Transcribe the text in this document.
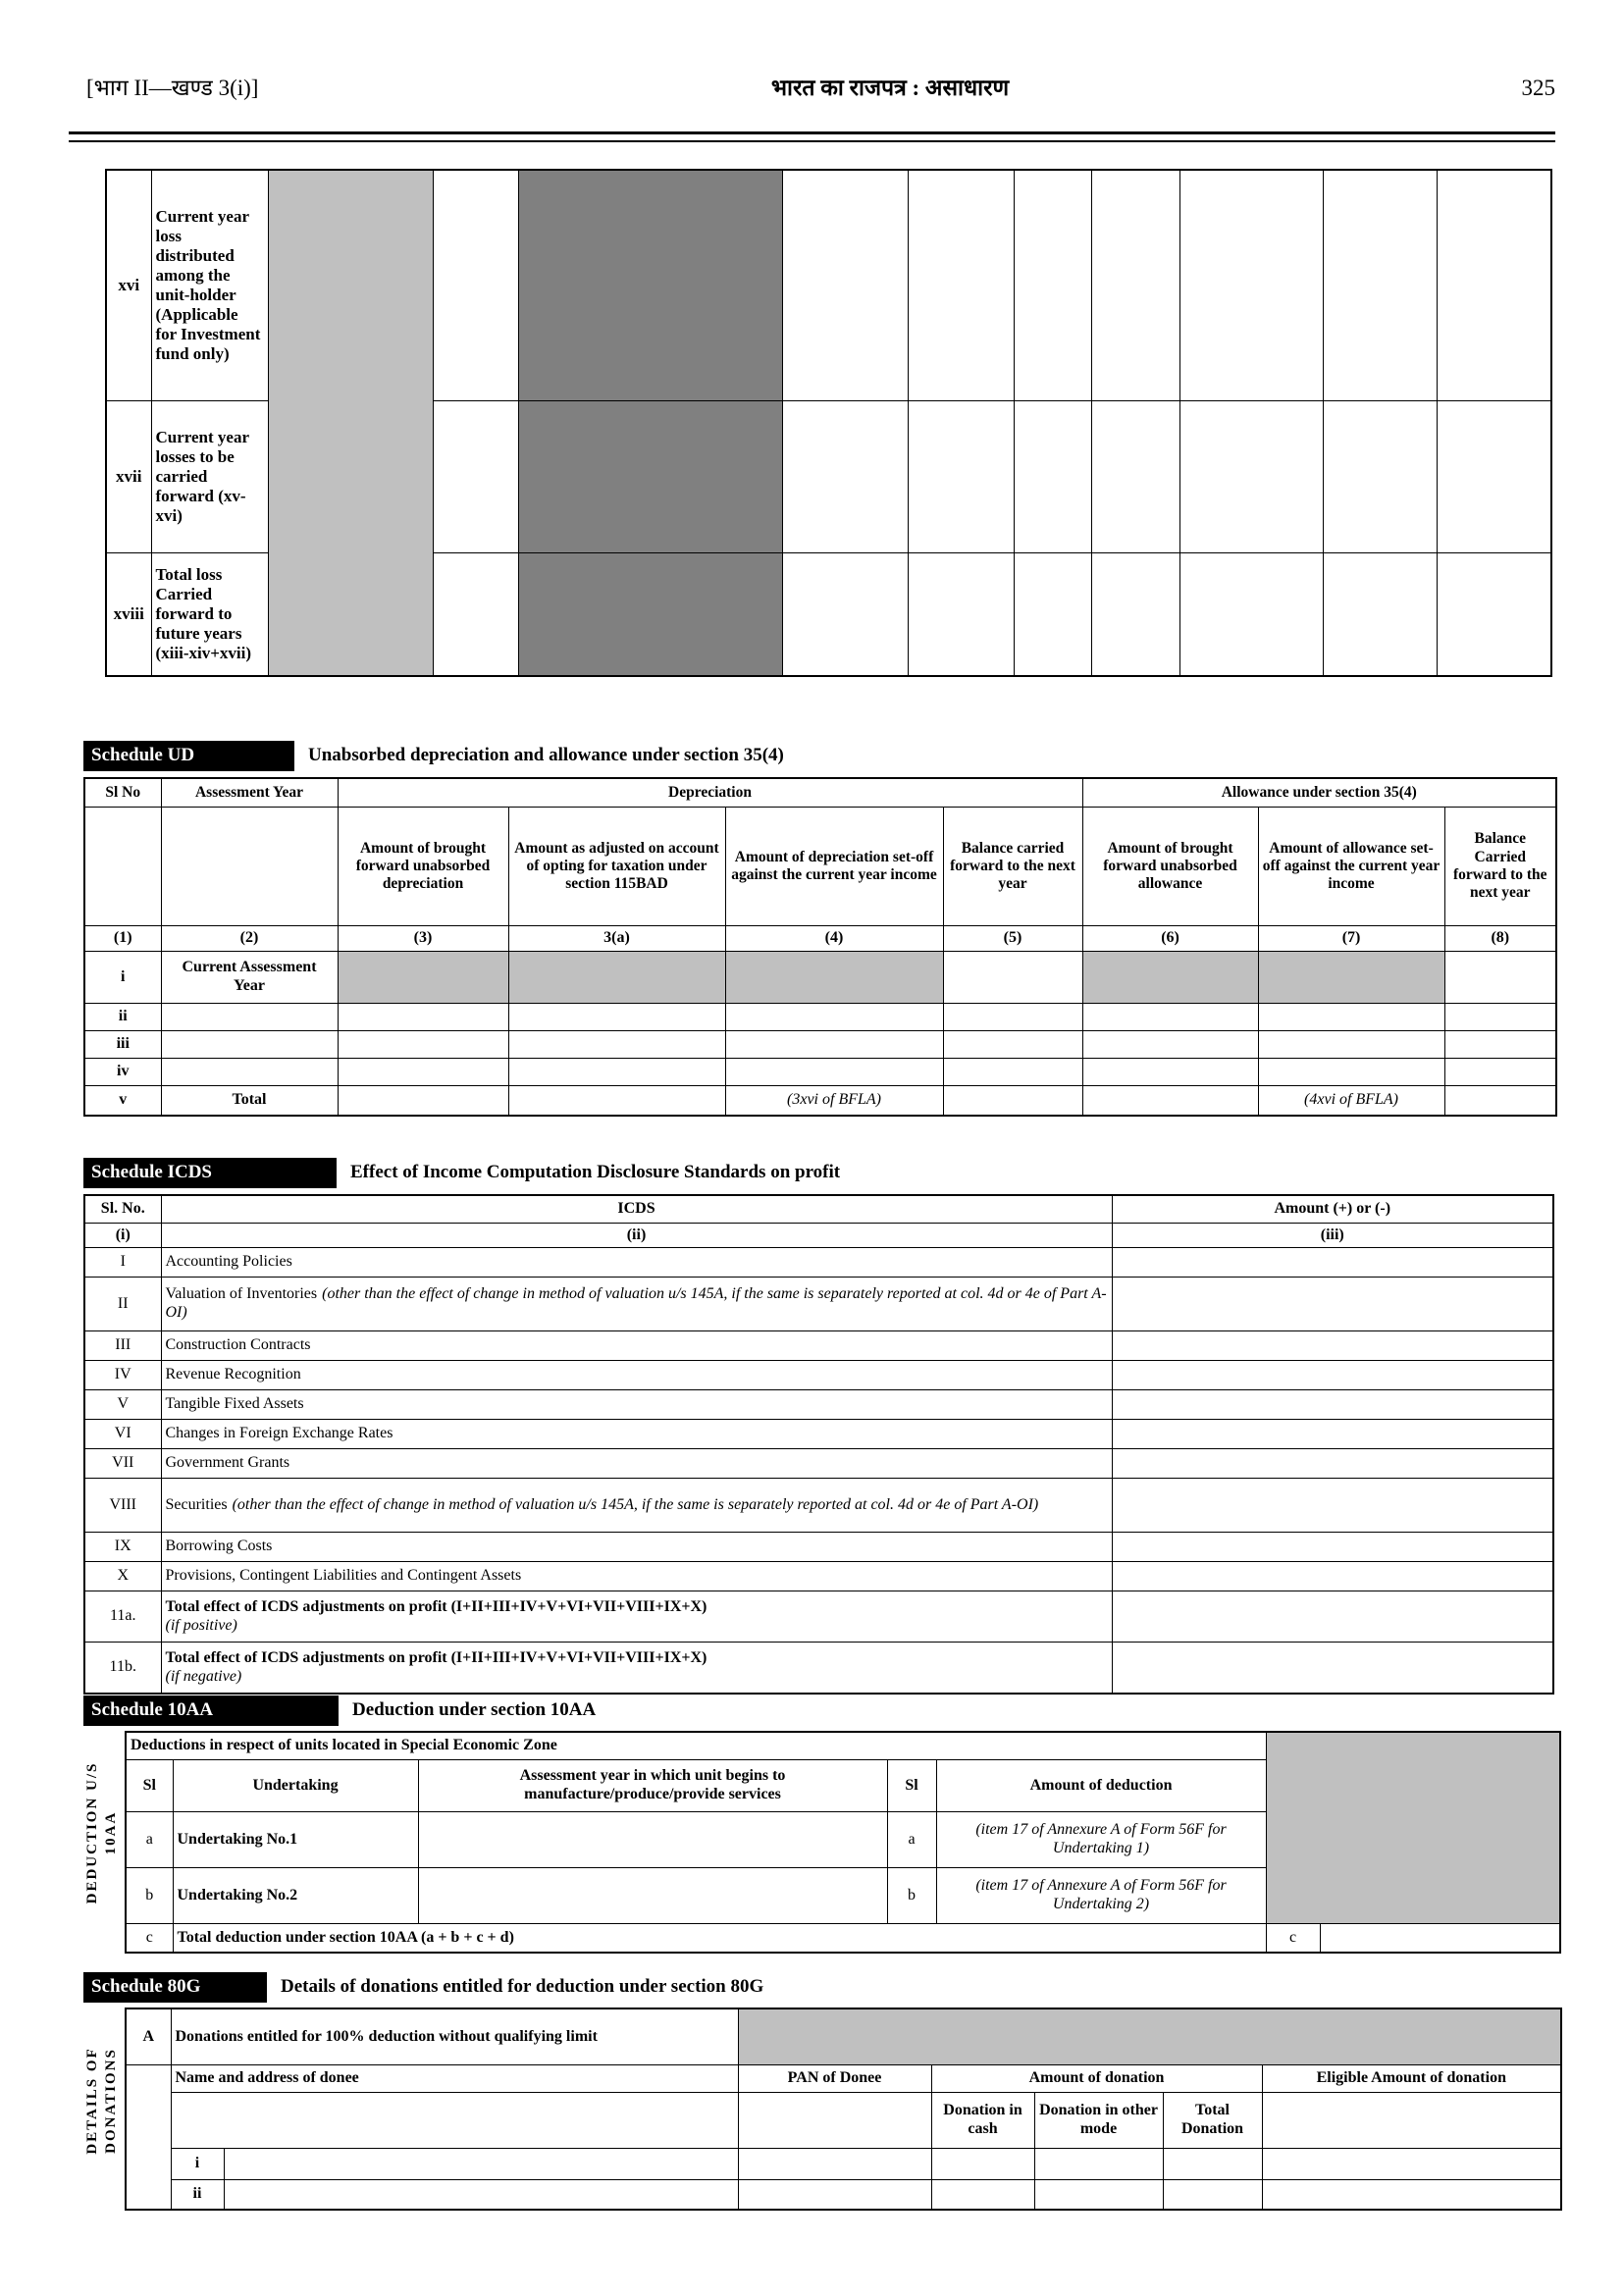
[भाग II—खण्ड 3(i)]	भारत का राजपत्र : असाधारण	325
xvi	Current year loss distributed among the unit-holder (Applicable for Investment fund only)										
xvii	Current year losses to be carried forward (xv-xvi)										
xviii	Total loss Carried forward to future years (xiii-xiv+xvii)										
Schedule UD	Unabsorbed depreciation and allowance under section 35(4)
Sl No	Assessment Year	Depreciation				Allowance under section 35(4)		
		Amount of brought forward unabsorbed depreciation	Amount as adjusted on account of opting for taxation under section 115BAD	Amount of depreciation set-off against the current year income	Balance carried forward to the next year	Amount of brought forward unabsorbed allowance	Amount of allowance set-off against the current year income	Balance Carried forward to the next year
(1)	(2)	(3)	3(a)	(4)	(5)	(6)	(7)	(8)
i	Current Assessment Year							
ii								
iii								
iv								
v	Total			(3xvi of BFLA)			(4xvi of BFLA)	
Schedule ICDS	Effect of Income Computation Disclosure Standards on profit
Sl. No.	ICDS	Amount (+) or (-)
(i)	(ii)	(iii)
I	Accounting Policies	
II	Valuation of Inventories (other than the effect of change in method of valuation u/s 145A, if the same is separately reported at col. 4d or 4e of Part A-OI)	
III	Construction Contracts	
IV	Revenue Recognition	
V	Tangible Fixed Assets	
VI	Changes in Foreign Exchange Rates	
VII	Government Grants	
VIII	Securities (other than the effect of change in method of valuation u/s 145A, if the same is separately reported at col. 4d or 4e of Part A-OI)	
IX	Borrowing Costs	
X	Provisions, Contingent Liabilities and Contingent Assets	
11a.	Total effect of ICDS adjustments on profit (I+II+III+IV+V+VI+VII+VIII+IX+X)
(if positive)	

11b.	Total effect of ICDS adjustments on profit (I+II+III+IV+V+VI+VII+VIII+IX+X)
(if negative)	

Schedule 10AA	Deduction under section 10AA
DEDUCTION U/S 10AA
Deductions in respect of units located in Special Economic Zone						
Sl	Undertaking	Assessment year in which unit begins to manufacture/produce/provide services	Sl	Amount of deduction		
a	Undertaking No.1		a	(item 17 of Annexure A of Form 56F for Undertaking 1)		
b	Undertaking No.2		b	(item 17 of Annexure A of Form 56F for Undertaking 2)		
c	Total deduction under section 10AA (a + b + c + d)				c	
Schedule 80G	Details of donations entitled for deduction under section 80G
DETAILS OF DONATIONS
A	Donations entitled for 100% deduction without qualifying limit						
	Name and address of donee		PAN of Donee	Amount of donation			Eligible Amount of donation
				Donation in cash	Donation in other mode	Total Donation	
	i						
	ii						
